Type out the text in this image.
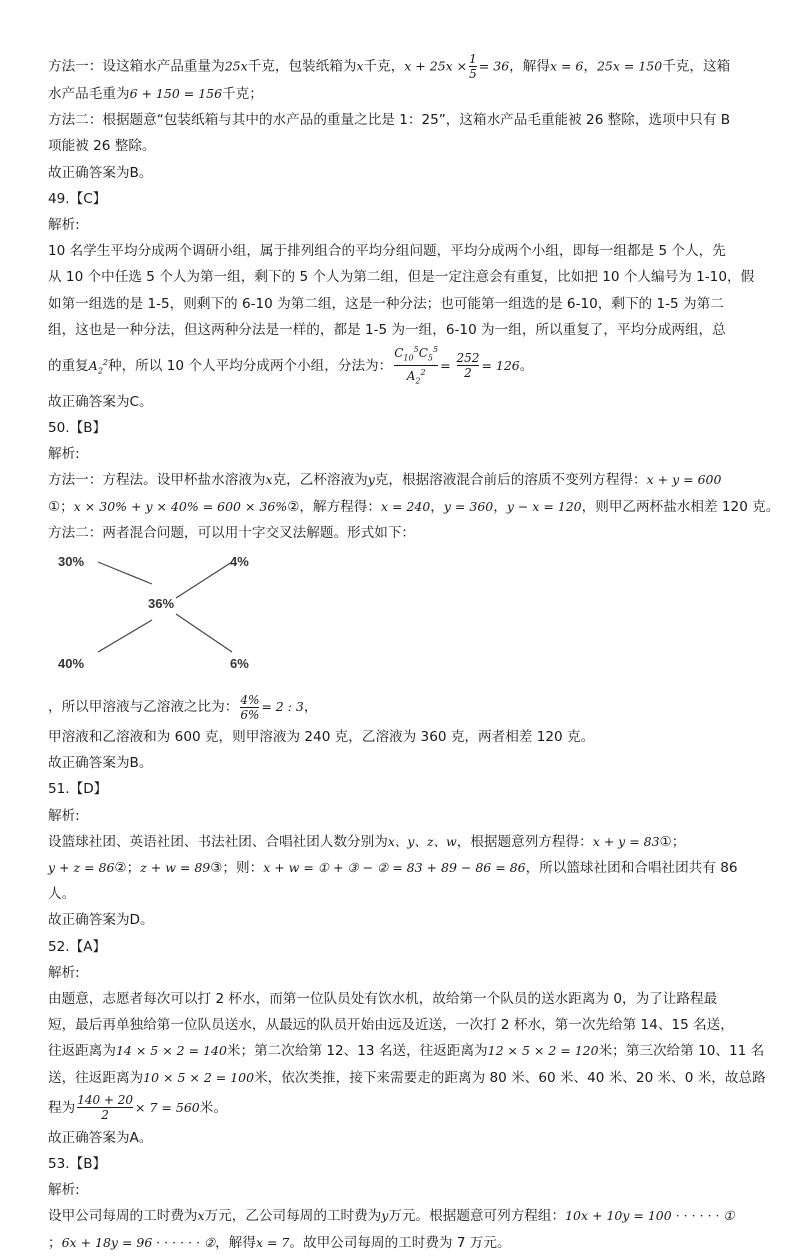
方法一：设这箱水产品重量为25x千克，包装纸箱为x千克，$x + 25x \times \frac{1}{5} = 36$，解得x = 6，25x = 150千克，这箱

水产品毛重为6 + 150 = 156千克；

方法二：根据题意“包装纸箱与其中的水产品的重量之比是 1：25”，这箱水产品毛重能被 26 整除，选项中只有 B

项能被 26 整除。

故正确答案为B。

49.【C】

解析:

10 名学生平均分成两个调研小组，属于排列组合的平均分组问题，平均分成两个小组，即每一组都是 5 个人，先

从 10 个中任选 5 个人为第一组，剩下的 5 个人为第二组，但是一定注意会有重复，比如把 10 个人编号为 1-10，假

如第一组选的是 1-5，则剩下的 6-10 为第二组，这是一种分法；也可能第一组选的是 6-10，剩下的 1-5 为第二

组，这也是一种分法，但这两种分法是一样的，都是 1-5 为一组，6-10 为一组，所以重复了，平均分成两组，总

的重复$A_2^2$种，所以 10 个人平均分成两个小组，分法为： $\frac{C_{10}^5C_5^5}{A_2^2} = \frac{252}{2} = 126$。

故正确答案为C。

50.【B】

解析:

方法一：方程法。设甲杯盐水溶液为x克，乙杯溶液为y克，根据溶液混合前后的溶质不变列方程得：x + y = 600

①；x × 30% + y × 40% = 600 × 36%②，解方程得：x = 240，y = 360，y − x = 120，则甲乙两杯盐水相差 120 克。

方法二：两者混合问题，可以用十字交叉法解题。形式如下：

30%	4%
36%
40%	6%

，所以甲溶液与乙溶液之比为： $\frac{4\%}{6\%} = 2$ : 3，

甲溶液和乙溶液和为 600 克，则甲溶液为 240 克，乙溶液为 360 克，两者相差 120 克。

故正确答案为B。

51.【D】

解析:

设篮球社团、英语社团、书法社团、合唱社团人数分别为x、y、z、w，根据题意列方程得：x + y = 83①；

y + z = 86②；z + w = 89③；则：x + w = ① + ③ − ② = 83 + 89 − 86 = 86，所以篮球社团和合唱社团共有 86

人。

故正确答案为D。

52.【A】

解析:

由题意，志愿者每次可以打 2 杯水，而第一位队员处有饮水机，故给第一个队员的送水距离为 0，为了让路程最

短，最后再单独给第一位队员送水，从最远的队员开始由远及近送，一次打 2 杯水，第一次先给第 14、15 名送，

往返距离为14 × 5 × 2 = 140米；第二次给第 12、13 名送，往返距离为12 × 5 × 2 = 120米；第三次给第 10、11 名

送，往返距离为10 × 5 × 2 = 100米，依次类推，接下来需要走的距离为 80 米、60 米、40 米、20 米、0 米，故总路

程为 $\frac{140 + 20}{2} \times 7 = 560$米。

故正确答案为A。

53.【B】

解析:

设甲公司每周的工时费为x万元，乙公司每周的工时费为y万元。根据题意可列方程组：10x + 10y = 100 · · · · · · ①

；6x + 18y = 96 · · · · · · ②，解得x = 7。故甲公司每周的工时费为 7 万元。
